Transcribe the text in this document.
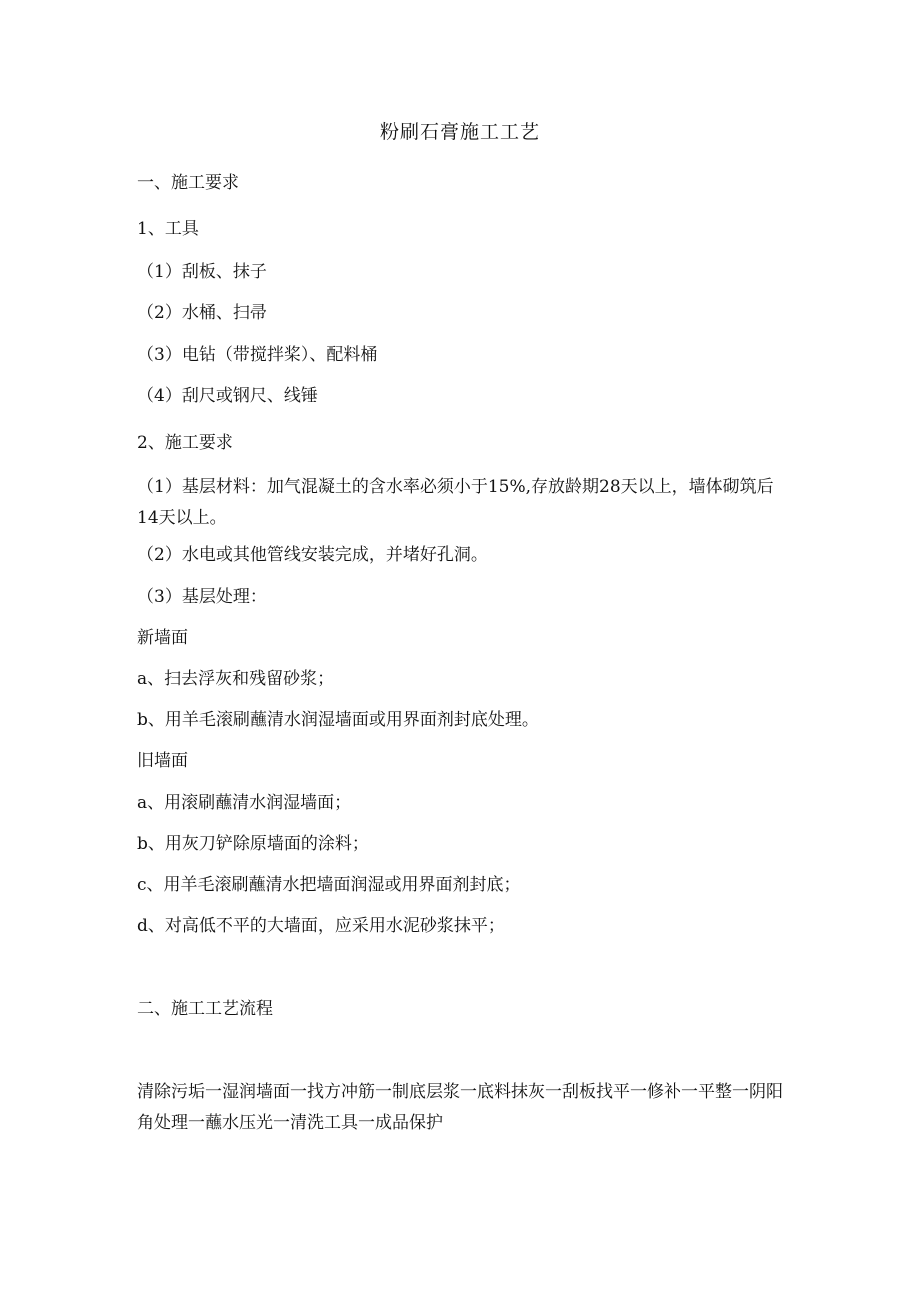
粉刷石膏施工工艺
一、施工要求
1、工具
（1）刮板、抹子
（2）水桶、扫帚
（3）电钻（带搅拌桨）、配料桶
（4）刮尺或钢尺、线锤
2、施工要求
（1）基层材料：加气混凝土的含水率必须小于15%,存放龄期28天以上，墙体砌筑后14天以上。
（2）水电或其他管线安装完成，并堵好孔洞。
（3）基层处理：
新墙面
a、扫去浮灰和残留砂浆；
b、用羊毛滚刷蘸清水润湿墙面或用界面剂封底处理。
旧墙面
a、用滚刷蘸清水润湿墙面；
b、用灰刀铲除原墙面的涂料；
c、用羊毛滚刷蘸清水把墙面润湿或用界面剂封底；
d、对高低不平的大墙面，应采用水泥砂浆抹平；
二、施工工艺流程
清除污垢一湿润墙面一找方冲筋一制底层浆一底料抹灰一刮板找平一修补一平整一阴阳角处理一蘸水压光一清洗工具一成品保护
